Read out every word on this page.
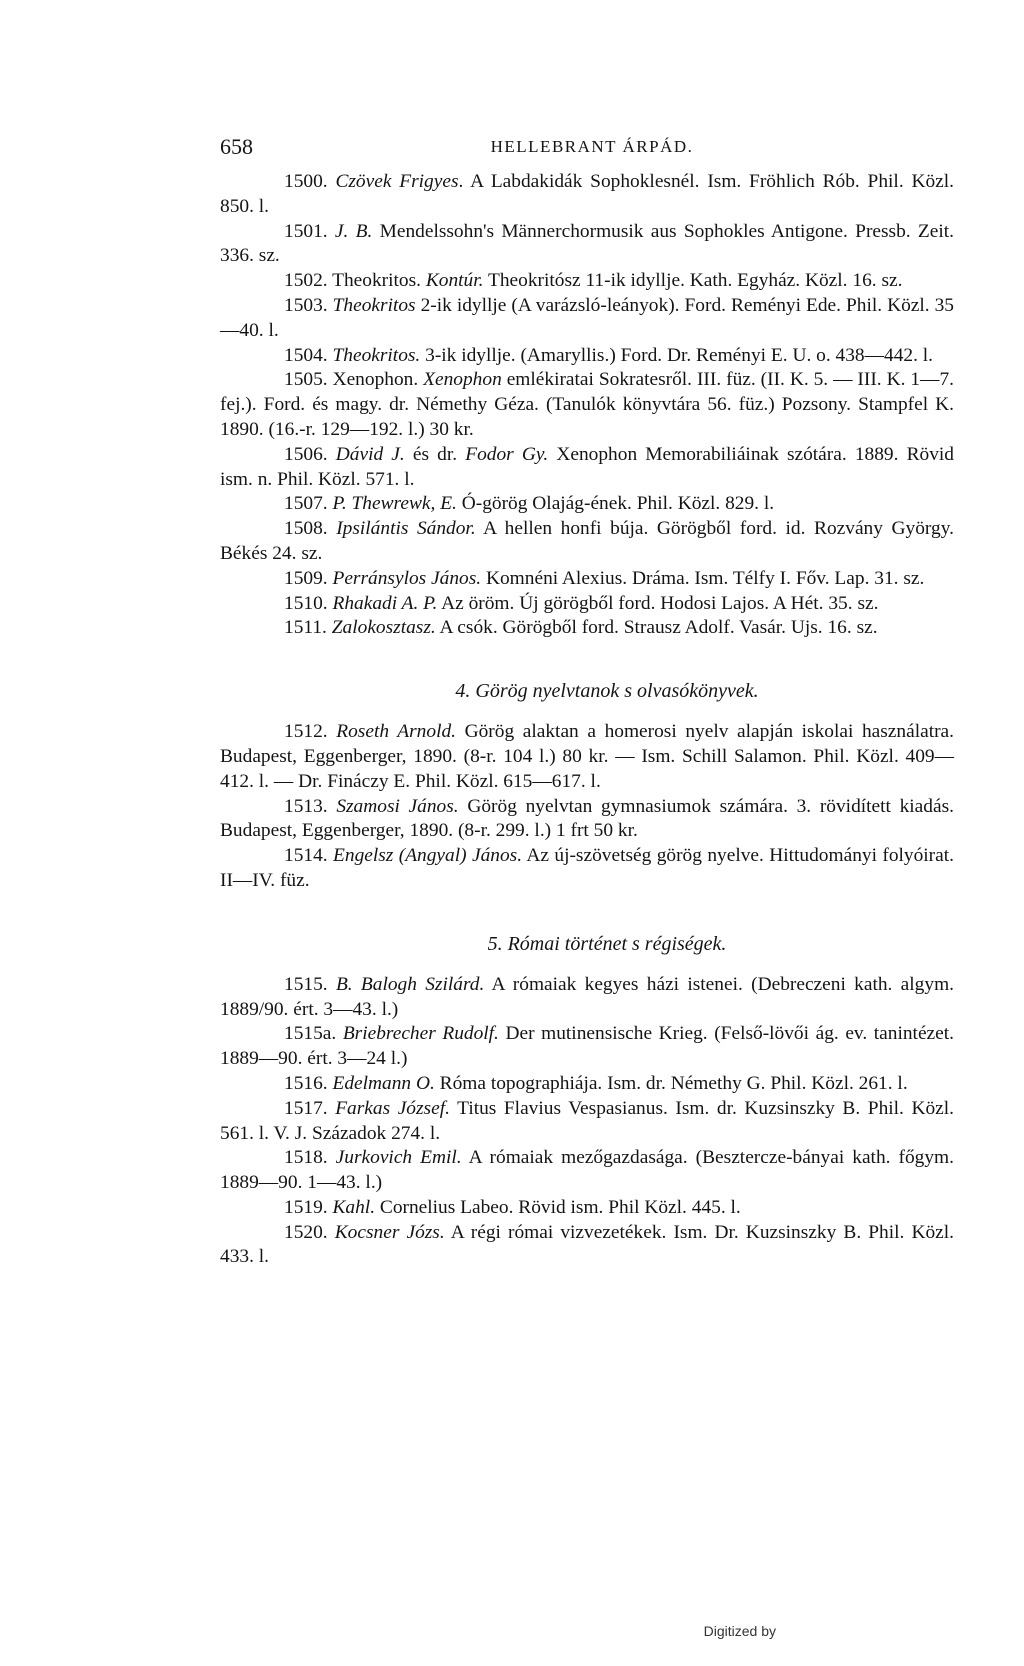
658	HELLEBRANT ÁRPÁD.

1500. Czövek Frigyes. A Labdakidák Sophoklesnél. Ism. Fröhlich Rób. Phil. Közl. 850. l.

1501. J. B. Mendelssohn's Männerchormusik aus Sophokles Antigone. Pressb. Zeit. 336. sz.

1502. Theokritos. Kontúr. Theokritósz 11-ik idyllje. Kath. Egyház. Közl. 16. sz.

1503. Theokritos 2-ik idyllje (A varázsló-leányok). Ford. Reményi Ede. Phil. Közl. 35—40. l.

1504. Theokritos. 3-ik idyllje. (Amaryllis.) Ford. Dr. Reményi E. U. o. 438—442. l.

1505. Xenophon. Xenophon emlékiratai Sokratesről. III. füz. (II. K. 5. — III. K. 1—7. fej.). Ford. és magy. dr. Némethy Géza. (Tanulók könyvtára 56. füz.) Pozsony. Stampfel K. 1890. (16.-r. 129—192. l.) 30 kr.

1506. Dávid J. és dr. Fodor Gy. Xenophon Memorabiliáinak szótára. 1889. Rövid ism. n. Phil. Közl. 571. l.

1507. P. Thewrewk, E. Ó-görög Olajág-ének. Phil. Közl. 829. l.

1508. Ipsilántis Sándor. A hellen honfi búja. Görögből ford. id. Rozvány György. Békés 24. sz.

1509. Perránsylos János. Komnéni Alexius. Dráma. Ism. Télfy I. Főv. Lap. 31. sz.

1510. Rhakadi A. P. Az öröm. Új görögből ford. Hodosi Lajos. A Hét. 35. sz.

1511. Zalokosztasz. A csók. Görögből ford. Strausz Adolf. Vasár. Ujs. 16. sz.

4. Görög nyelvtanok s olvasókönyvek.

1512. Roseth Arnold. Görög alaktan a homerosi nyelv alapján iskolai használatra. Budapest, Eggenberger, 1890. (8-r. 104 l.) 80 kr. — Ism. Schill Salamon. Phil. Közl. 409—412. l. — Dr. Fináczy E. Phil. Közl. 615—617. l.

1513. Szamosi János. Görög nyelvtan gymnasiumok számára. 3. rövidített kiadás. Budapest, Eggenberger, 1890. (8-r. 299. l.) 1 frt 50 kr.

1514. Engelsz (Angyal) János. Az új-szövetség görög nyelve. Hittudományi folyóirat. II—IV. füz.

5. Római történet s régiségek.

1515. B. Balogh Szilárd. A rómaiak kegyes házi istenei. (Debreczeni kath. algym. 1889/90. ért. 3—43. l.)

1515a. Briebrecher Rudolf. Der mutinensische Krieg. (Felső-lövői ág. ev. tanintézet. 1889—90. ért. 3—24 l.)

1516. Edelmann O. Róma topographiája. Ism. dr. Némethy G. Phil. Közl. 261. l.

1517. Farkas József. Titus Flavius Vespasianus. Ism. dr. Kuzsinszky B. Phil. Közl. 561. l. V. J. Századok 274. l.

1518. Jurkovich Emil. A rómaiak mezőgazdasága. (Besztercze-bányai kath. főgym. 1889—90. 1—43. l.)

1519. Kahl. Cornelius Labeo. Rövid ism. Phil Közl. 445. l.

1520. Kocsner Józs. A régi római vizvezetékek. Ism. Dr. Kuzsinszky B. Phil. Közl. 433. l.

Digitized by
